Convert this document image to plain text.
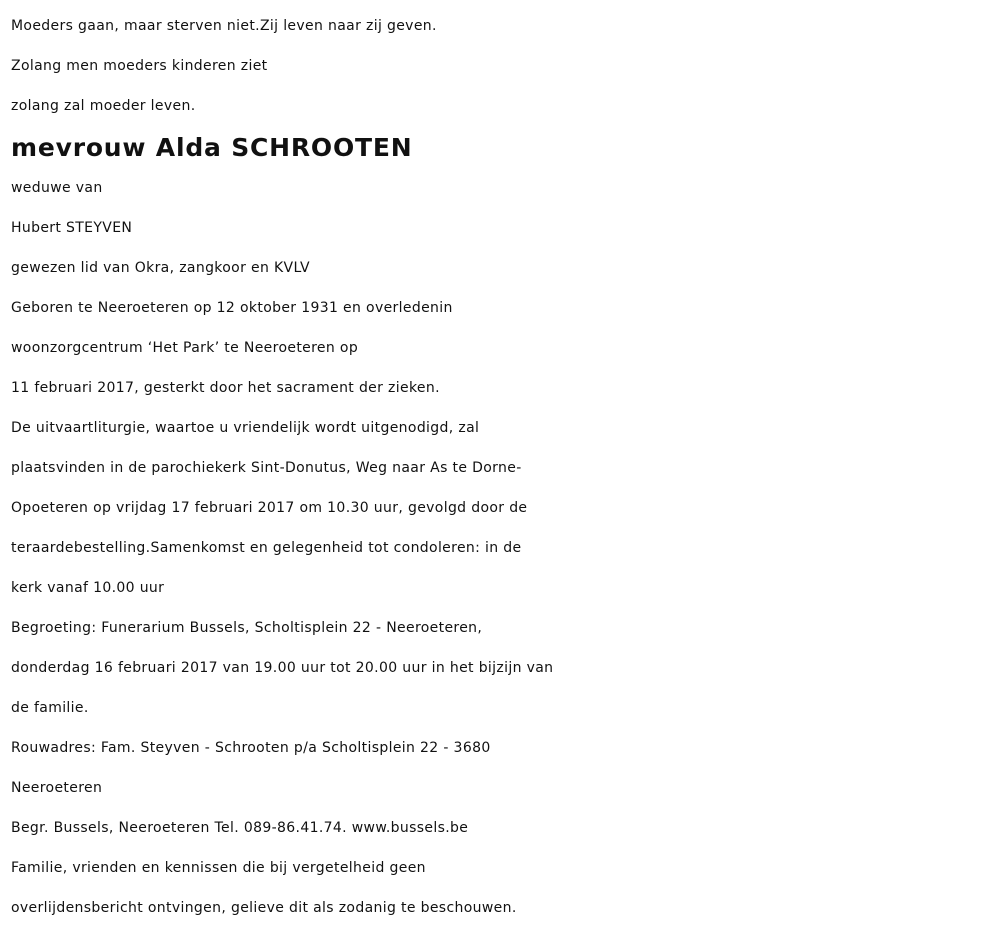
Moeders gaan, maar sterven niet.Zij leven naar zij geven.
Zolang men moeders kinderen ziet
zolang zal moeder leven.
mevrouw Alda SCHROOTEN
weduwe van
Hubert STEYVEN
gewezen lid van Okra, zangkoor en KVLV
Geboren te Neeroeteren op 12 oktober 1931 en overledenin
woonzorgcentrum ‘Het Park’ te Neeroeteren op
11 februari 2017, gesterkt door het sacrament der zieken.
De uitvaartliturgie, waartoe u vriendelijk wordt uitgenodigd, zal
plaatsvinden in de parochiekerk Sint-Donutus, Weg naar As te Dorne-
Opoeteren op vrijdag 17 februari 2017 om 10.30 uur, gevolgd door de
teraardebestelling.Samenkomst en gelegenheid tot condoleren: in de
kerk vanaf 10.00 uur
Begroeting: Funerarium Bussels, Scholtisplein 22 - Neeroeteren,
donderdag 16 februari 2017 van 19.00 uur tot 20.00 uur in het bijzijn van
de familie.
Rouwadres: Fam. Steyven - Schrooten p/a Scholtisplein 22 - 3680
Neeroeteren
Begr. Bussels, Neeroeteren Tel. 089-86.41.74. www.bussels.be
Familie, vrienden en kennissen die bij vergetelheid geen
overlijdensbericht ontvingen, gelieve dit als zodanig te beschouwen.
